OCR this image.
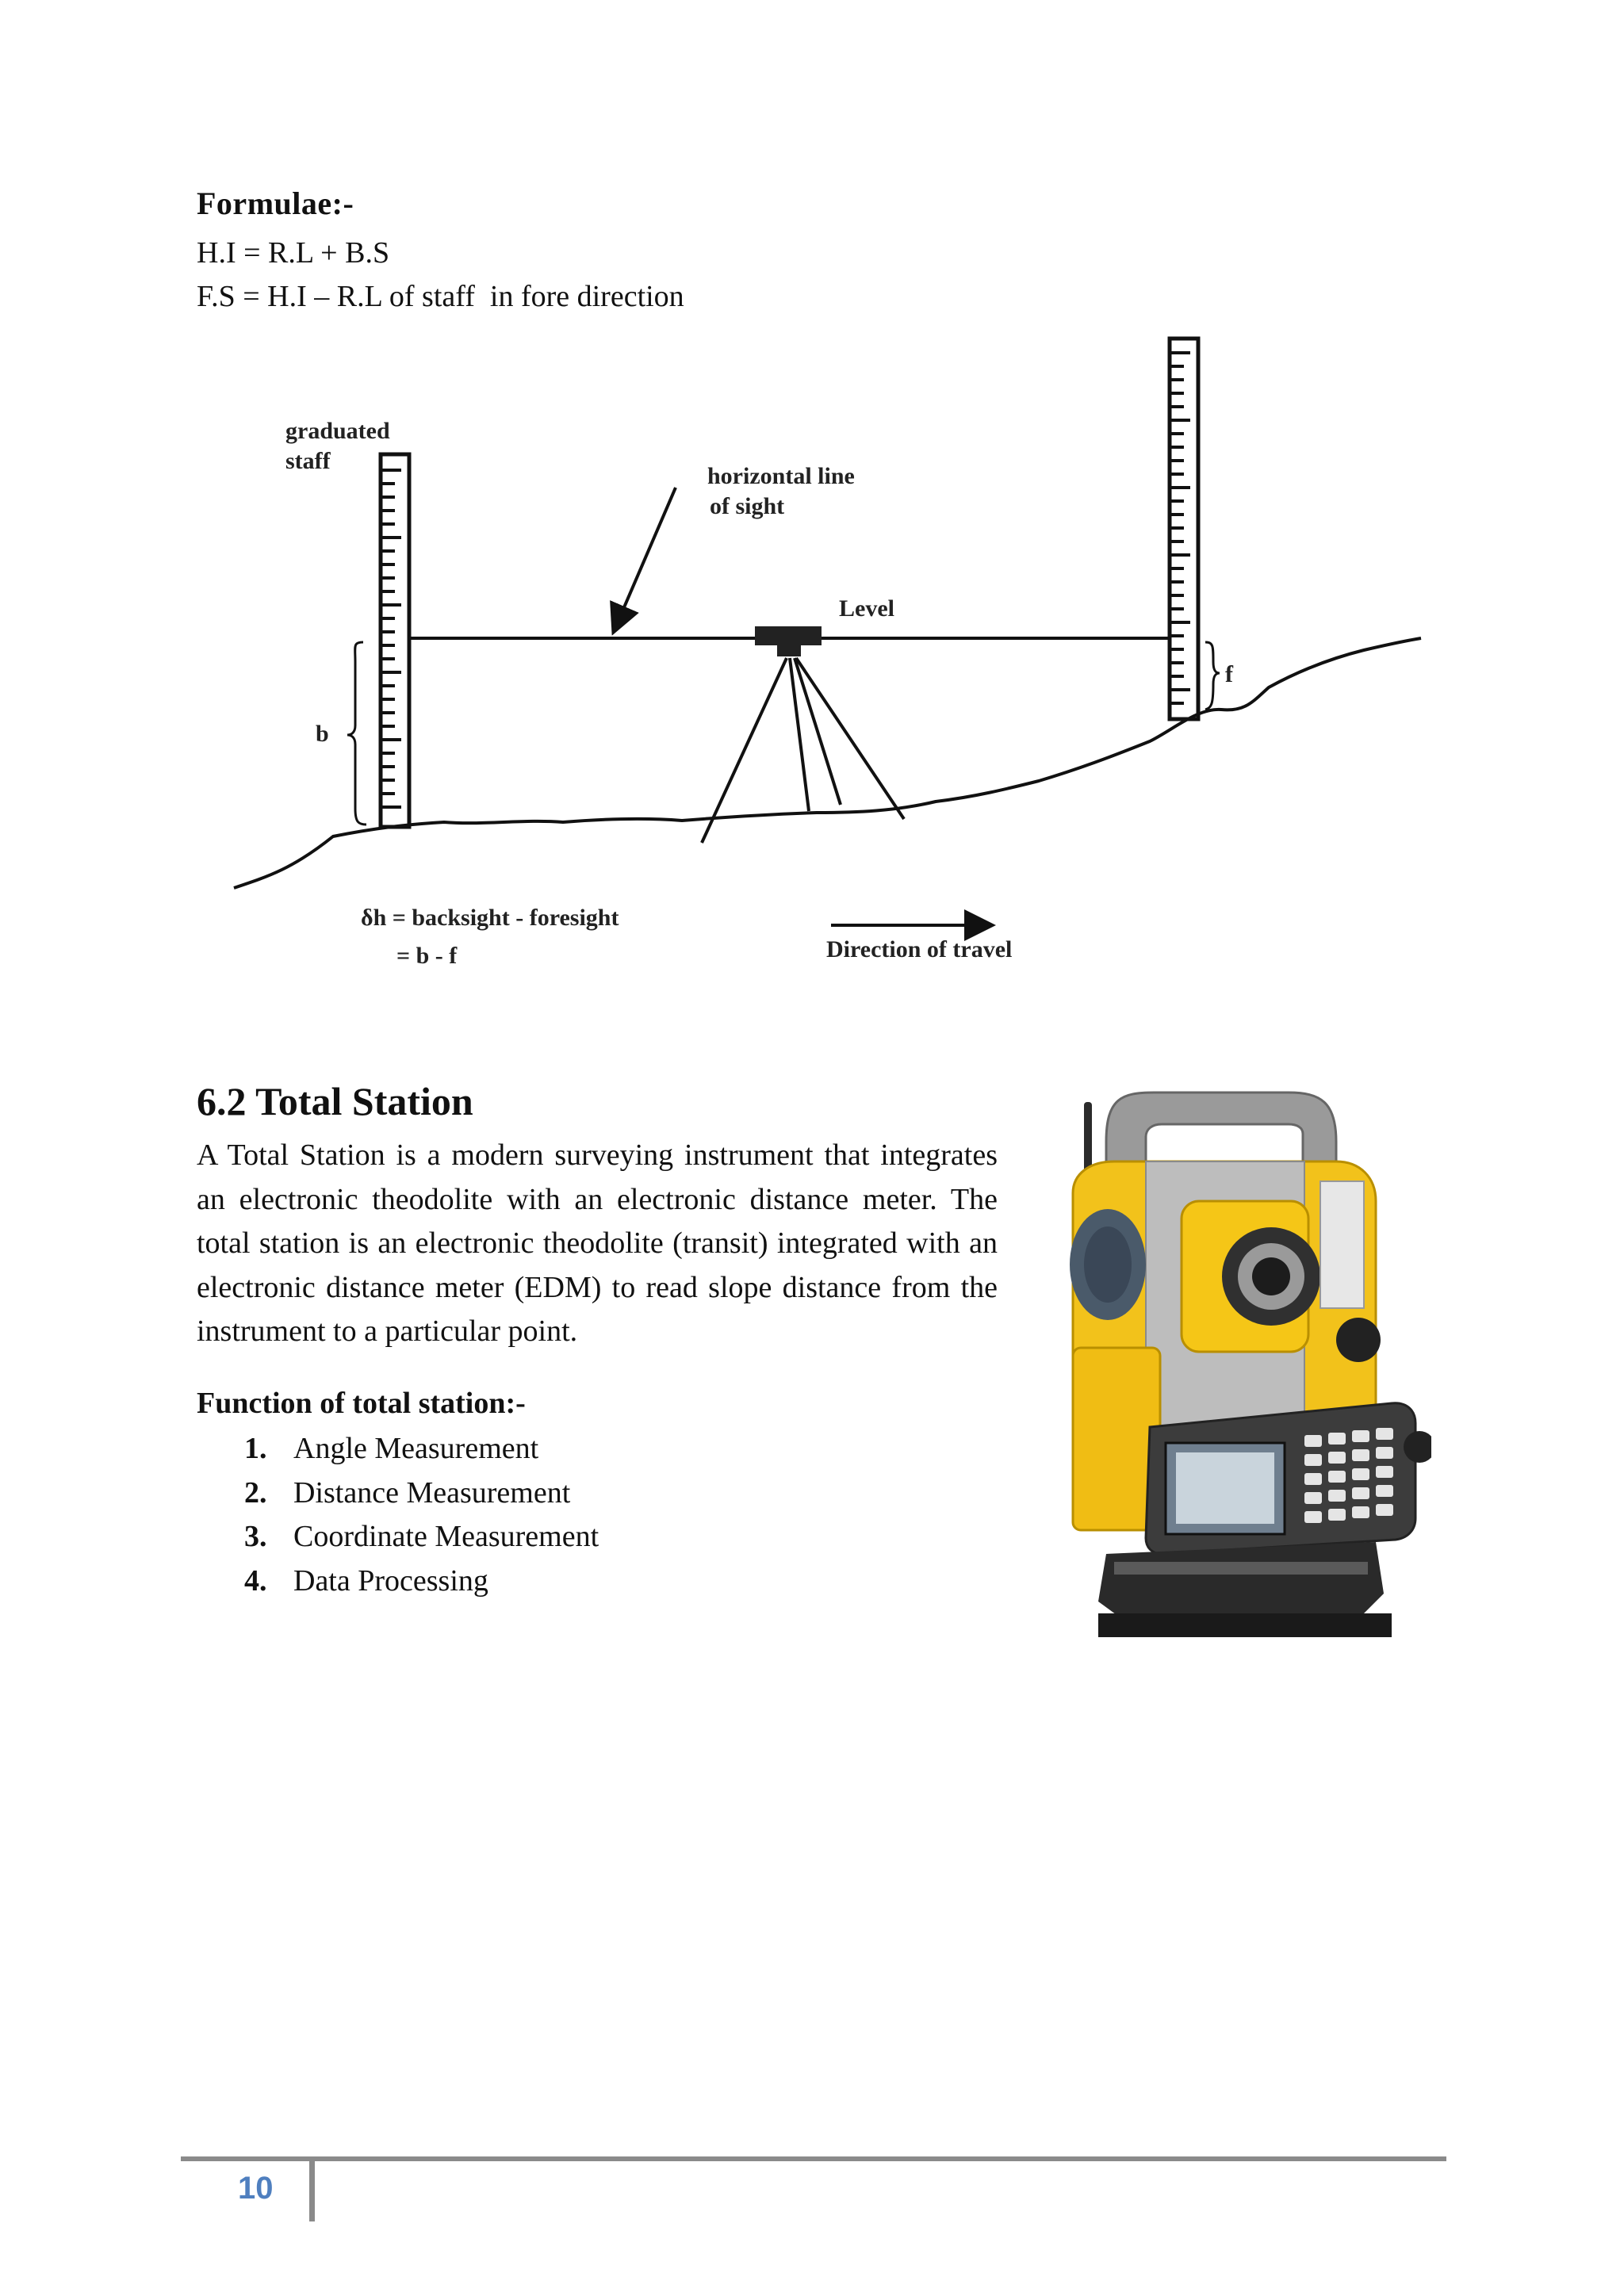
Formulae:-
H.I = R.L + B.S
F.S = H.I – R.L of staff  in fore direction
graduated
staff
horizontal line
of sight
Level
b
f
δh = backsight - foresight
= b - f	Direction of travel
6.2 Total Station
A Total Station is a modern surveying instrument that integrates an electronic theodolite with an electronic distance meter. The total station is an electronic theodolite (transit) integrated with an electronic distance meter (EDM) to read slope distance from the instrument to a particular point.
Function of total station:-
1. Angle Measurement
2. Distance Measurement
3. Coordinate Measurement
4. Data Processing
10
